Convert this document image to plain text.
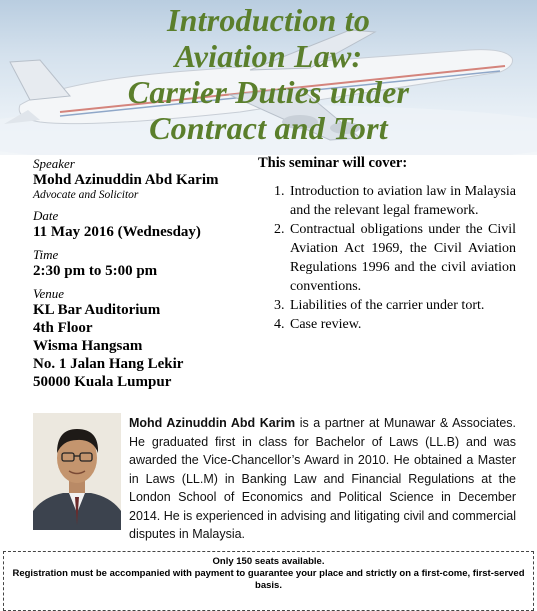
Introduction to
Aviation Law:
Carrier Duties under
Contract and Tort

Speaker

Mohd Azinuddin Abd Karim

Advocate and Solicitor

Date

11 May 2016 (Wednesday)

Time

2:30 pm to 5:00 pm

Venue

KL Bar Auditorium

4th Floor

Wisma Hangsam

No. 1 Jalan Hang Lekir

50000 Kuala Lumpur

This seminar will cover:

1. Introduction to aviation law in Malaysia and the relevant legal framework.
2. Contractual obligations under the Civil Aviation Act 1969, the Civil Aviation Regulations 1996 and the civil aviation conventions.
3. Liabilities of the carrier under tort.
4. Case review.

Mohd Azinuddin Abd Karim is a partner at Munawar & Associates. He graduated first in class for Bachelor of Laws (LL.B) and was awarded the Vice-Chancellor’s Award in 2010. He obtained a Master in Laws (LL.M) in Banking Law and Financial Regulations at the London School of Economics and Political Science in December 2014. He is experienced in advising and litigating civil and commercial disputes in Malaysia.

Only 150 seats available.

Registration must be accompanied with payment to guarantee your place and strictly on a first-come, first-served basis.
